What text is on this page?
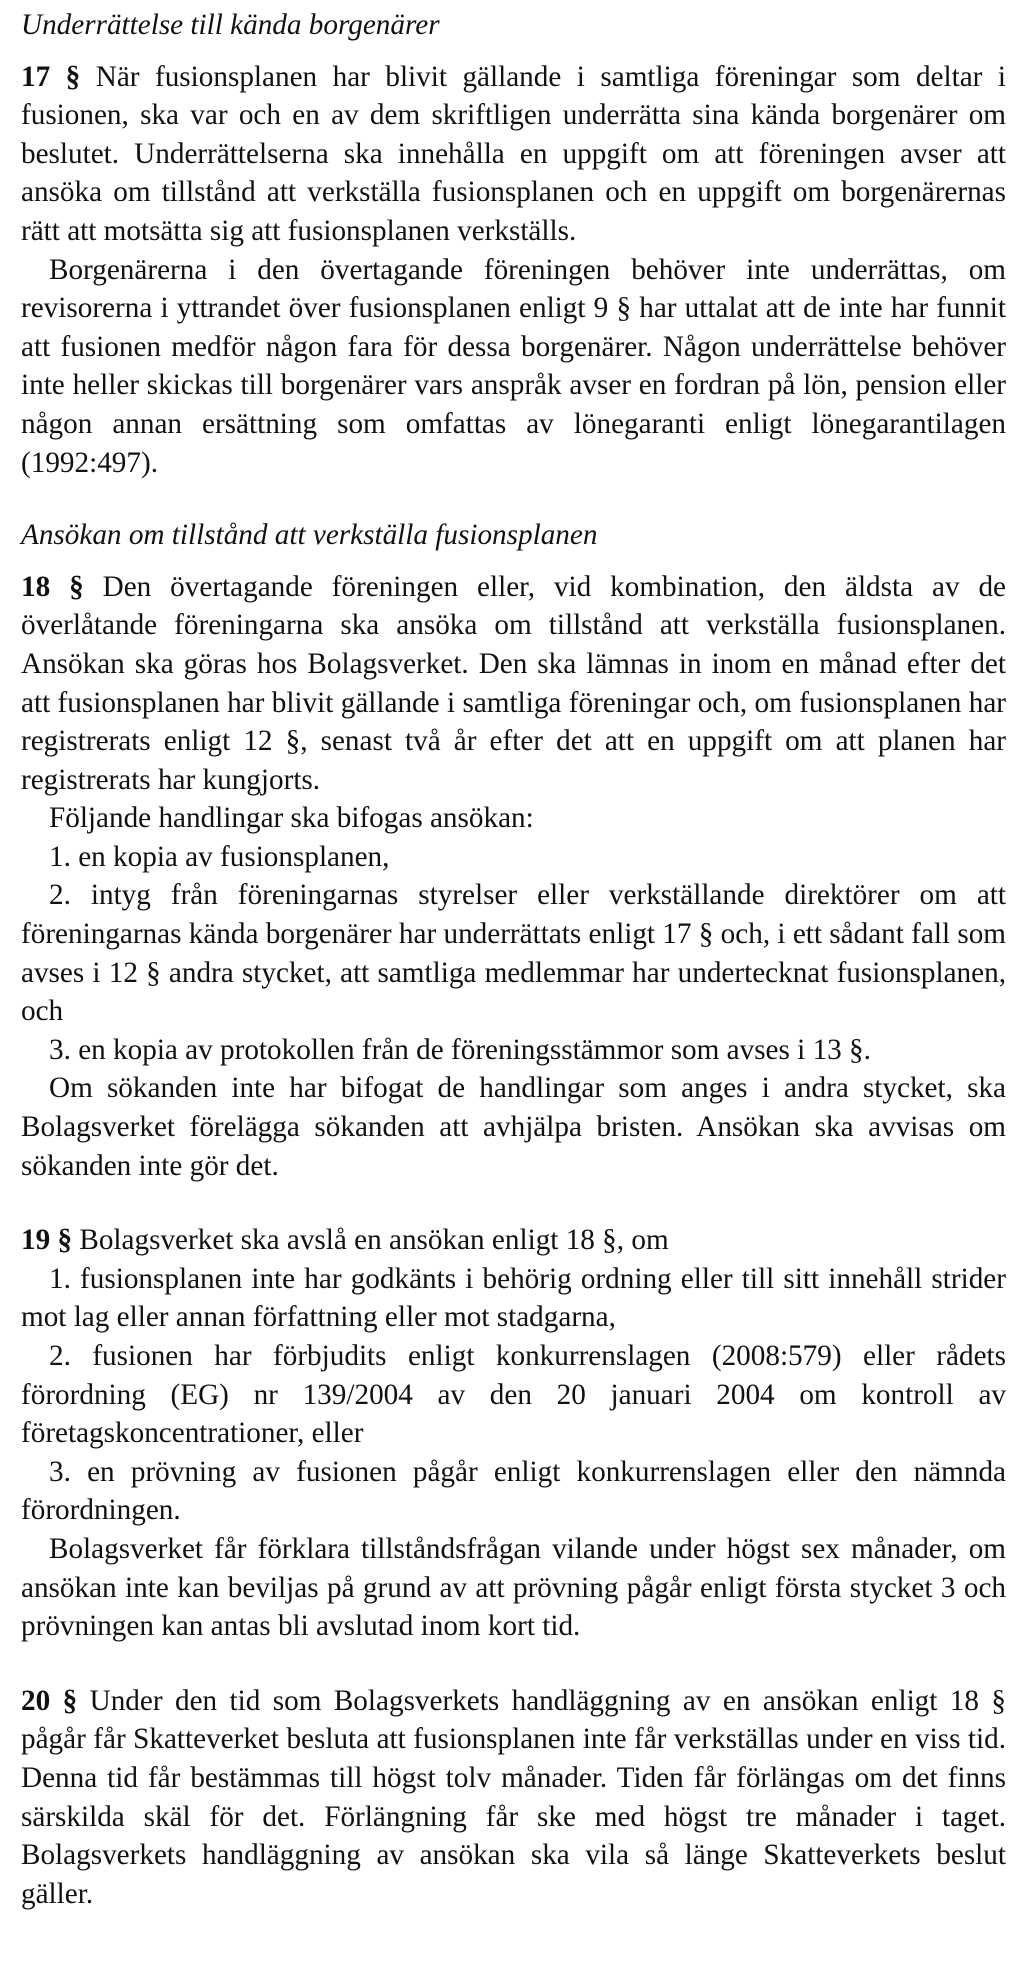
Underrättelse till kända borgenärer

17 § När fusionsplanen har blivit gällande i samtliga föreningar som deltar i fusionen, ska var och en av dem skriftligen underrätta sina kända borgenärer om beslutet. Underrättelserna ska innehålla en uppgift om att föreningen avser att ansöka om tillstånd att verkställa fusionsplanen och en uppgift om borgenärernas rätt att motsätta sig att fusionsplanen verkställs.

Borgenärerna i den övertagande föreningen behöver inte underrättas, om revisorerna i yttrandet över fusionsplanen enligt 9 § har uttalat att de inte har funnit att fusionen medför någon fara för dessa borgenärer. Någon underrättelse behöver inte heller skickas till borgenärer vars anspråk avser en fordran på lön, pension eller någon annan ersättning som omfattas av lönegaranti enligt lönegarantilagen (1992:497).

Ansökan om tillstånd att verkställa fusionsplanen

18 § Den övertagande föreningen eller, vid kombination, den äldsta av de överlåtande föreningarna ska ansöka om tillstånd att verkställa fusionsplanen. Ansökan ska göras hos Bolagsverket. Den ska lämnas in inom en månad efter det att fusionsplanen har blivit gällande i samtliga föreningar och, om fusionsplanen har registrerats enligt 12 §, senast två år efter det att en uppgift om att planen har registrerats har kungjorts.

Följande handlingar ska bifogas ansökan:

1. en kopia av fusionsplanen,

2. intyg från föreningarnas styrelser eller verkställande direktörer om att föreningarnas kända borgenärer har underrättats enligt 17 § och, i ett sådant fall som avses i 12 § andra stycket, att samtliga medlemmar har undertecknat fusionsplanen, och

3. en kopia av protokollen från de föreningsstämmor som avses i 13 §.

Om sökanden inte har bifogat de handlingar som anges i andra stycket, ska Bolagsverket förelägga sökanden att avhjälpa bristen. Ansökan ska avvisas om sökanden inte gör det.

19 § Bolagsverket ska avslå en ansökan enligt 18 §, om

1. fusionsplanen inte har godkänts i behörig ordning eller till sitt innehåll strider mot lag eller annan författning eller mot stadgarna,

2. fusionen har förbjudits enligt konkurrenslagen (2008:579) eller rådets förordning (EG) nr 139/2004 av den 20 januari 2004 om kontroll av företagskoncentrationer, eller

3. en prövning av fusionen pågår enligt konkurrenslagen eller den nämnda förordningen.

Bolagsverket får förklara tillståndsfrågan vilande under högst sex månader, om ansökan inte kan beviljas på grund av att prövning pågår enligt första stycket 3 och prövningen kan antas bli avslutad inom kort tid.

20 § Under den tid som Bolagsverkets handläggning av en ansökan enligt 18 § pågår får Skatteverket besluta att fusionsplanen inte får verkställas under en viss tid. Denna tid får bestämmas till högst tolv månader. Tiden får förlängas om det finns särskilda skäl för det. Förlängning får ske med högst tre månader i taget. Bolagsverkets handläggning av ansökan ska vila så länge Skatteverkets beslut gäller.
